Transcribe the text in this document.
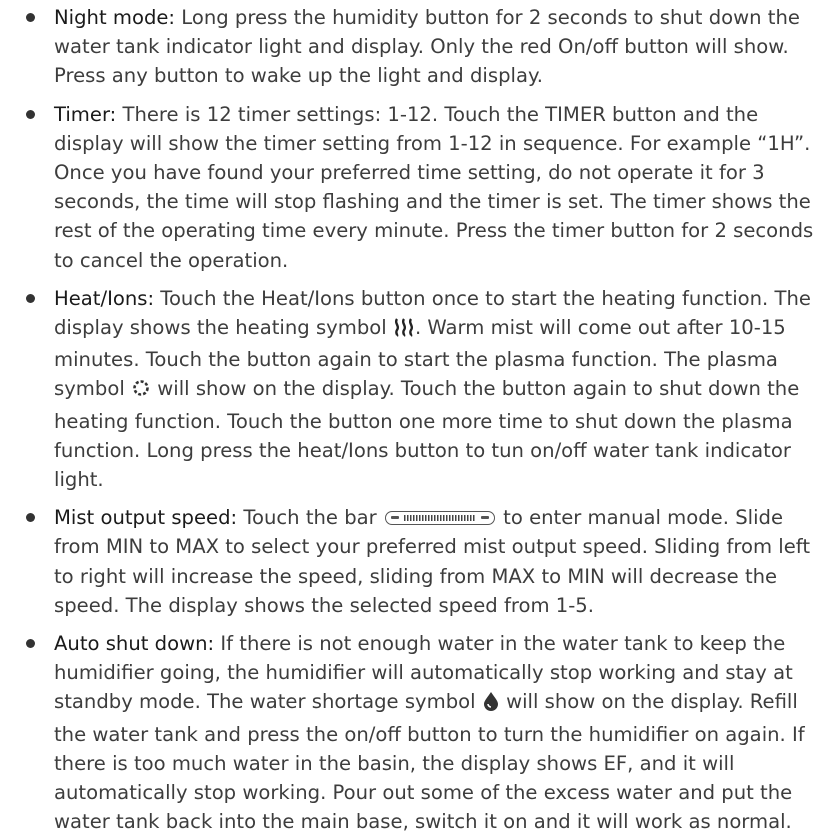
Night mode: Long press the humidity button for 2 seconds to shut down the water tank indicator light and display. Only the red On/off button will show. Press any button to wake up the light and display.
Timer: There is 12 timer settings: 1-12. Touch the TIMER button and the display will show the timer setting from 1-12 in sequence. For example “1H”. Once you have found your preferred time setting, do not operate it for 3 seconds, the time will stop flashing and the timer is set. The timer shows the rest of the operating time every minute. Press the timer button for 2 seconds to cancel the operation.
Heat/Ions: Touch the Heat/Ions button once to start the heating function. The display shows the heating symbol . Warm mist will come out after 10-15 minutes. Touch the button again to start the plasma function. The plasma symbol  will show on the display. Touch the button again to shut down the heating function. Touch the button one more time to shut down the plasma function. Long press the heat/Ions button to tun on/off water tank indicator light.
Mist output speed: Touch the bar	to enter manual mode. Slide from MIN to MAX to select your preferred mist output speed. Sliding from left to right will increase the speed, sliding from MAX to MIN will decrease the speed. The display shows the selected speed from 1-5.
Auto shut down: If there is not enough water in the water tank to keep the humidifier going, the humidifier will automatically stop working and stay at standby mode. The water shortage symbol  will show on the display. Refill the water tank and press the on/off button to turn the humidifier on again. If there is too much water in the basin, the display shows EF, and it will automatically stop working. Pour out some of the excess water and put the water tank back into the main base, switch it on and it will work as normal.
